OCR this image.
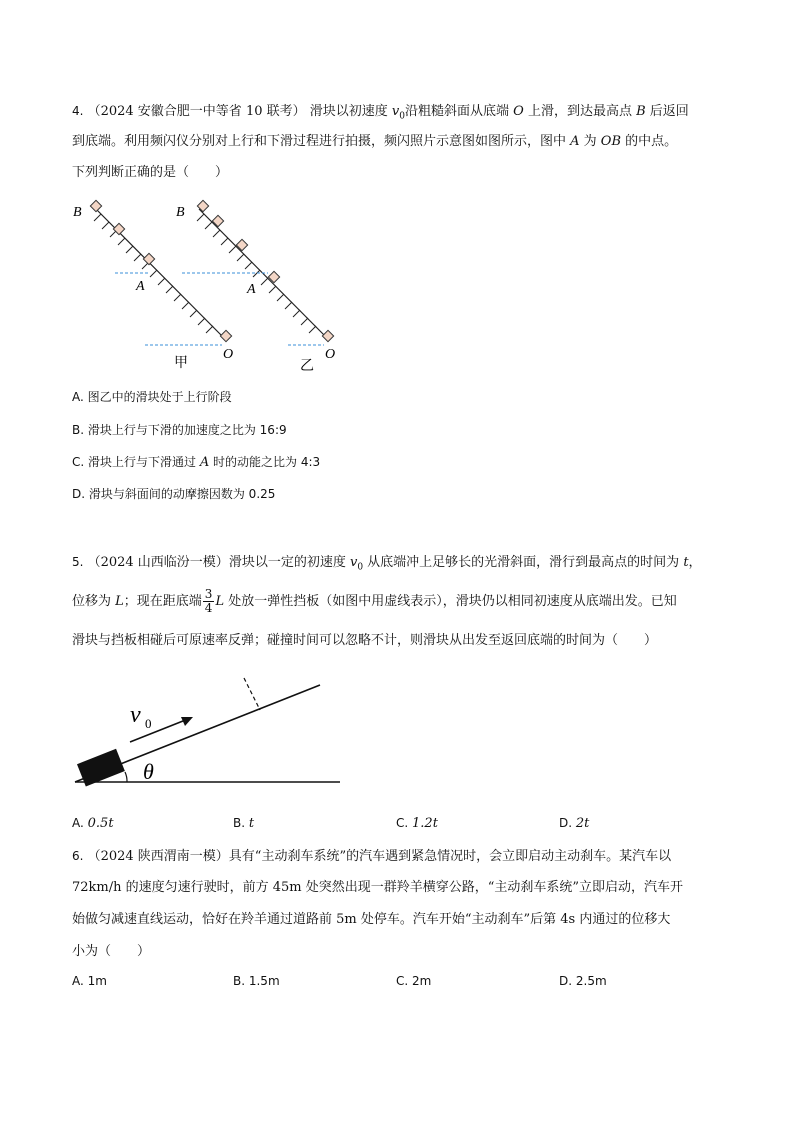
4. （2024 安徽合肥一中等省 10 联考） 滑块以初速度 $v_0$沿粗糙斜面从底端 O 上滑，到达最高点 B 后返回
到底端。利用频闪仪分别对上行和下滑过程进行拍摄，频闪照片示意图如图所示，图中 A 为 OB 的中点。
下列判断正确的是（　　）
B
A
O
甲
B
A
O
乙
A. 图乙中的滑块处于上行阶段
B. 滑块上行与下滑的加速度之比为 16:9
C. 滑块上行与下滑通过 A 时的动能之比为 4:3
D. 滑块与斜面间的动摩擦因数为 0.25
5. （2024 山西临汾一模）滑块以一定的初速度 $v_0$ 从底端冲上足够长的光滑斜面，滑行到最高点的时间为 t，
位移为 L；现在距底端 $\frac{3}{4}$ L 处放一弹性挡板（如图中用虚线表示），滑块仍以相同初速度从底端出发。已知
滑块与挡板相碰后可原速率反弹；碰撞时间可以忽略不计，则滑块从出发至返回底端的时间为（　　）
θ
v 0
A. 0.5t	B. t	C. 1.2t	D. 2t
6. （2024 陕西渭南一模）具有“主动刹车系统”的汽车遇到紧急情况时，会立即启动主动刹车。某汽车以
72km/h 的速度匀速行驶时，前方 45m 处突然出现一群羚羊横穿公路，“主动刹车系统”立即启动，汽车开
始做匀减速直线运动，恰好在羚羊通过道路前 5m 处停车。汽车开始“主动刹车”后第 4s 内通过的位移大
小为（　　）
A. 1m	B. 1.5m	C. 2m	D. 2.5m
